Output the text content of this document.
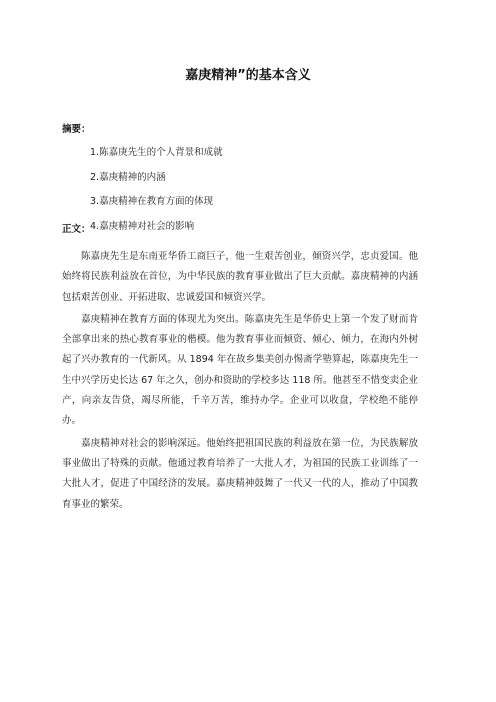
嘉庚精神”的基本含义
摘要：
1.陈嘉庚先生的个人背景和成就
2.嘉庚精神的内涵
3.嘉庚精神在教育方面的体现
4.嘉庚精神对社会的影响
正文：

陈嘉庚先生是东南亚华侨工商巨子，他一生艰苦创业，倾资兴学，忠贞爱国。他始终将民族利益放在首位，为中华民族的教育事业做出了巨大贡献。嘉庚精神的内涵包括艰苦创业、开拓进取、忠诚爱国和倾资兴学。

嘉庚精神在教育方面的体现尤为突出。陈嘉庚先生是华侨史上第一个发了财而肯全部拿出来的热心教育事业的楷模。他为教育事业而倾资、倾心、倾力，在海内外树起了兴办教育的一代新风。从 1894 年在故乡集美创办惕斋学塾算起，陈嘉庚先生一生中兴学历史长达 67 年之久，创办和资助的学校多达 118 所。他甚至不惜变卖企业产，向亲友告贷，竭尽所能，千辛万苦，维持办学。企业可以收盘，学校绝不能停办。

嘉庚精神对社会的影响深远。他始终把祖国民族的利益放在第一位，为民族解放事业做出了特殊的贡献。他通过教育培养了一大批人才，为祖国的民族工业训练了一大批人才，促进了中国经济的发展。嘉庚精神鼓舞了一代又一代的人，推动了中国教育事业的繁荣。
